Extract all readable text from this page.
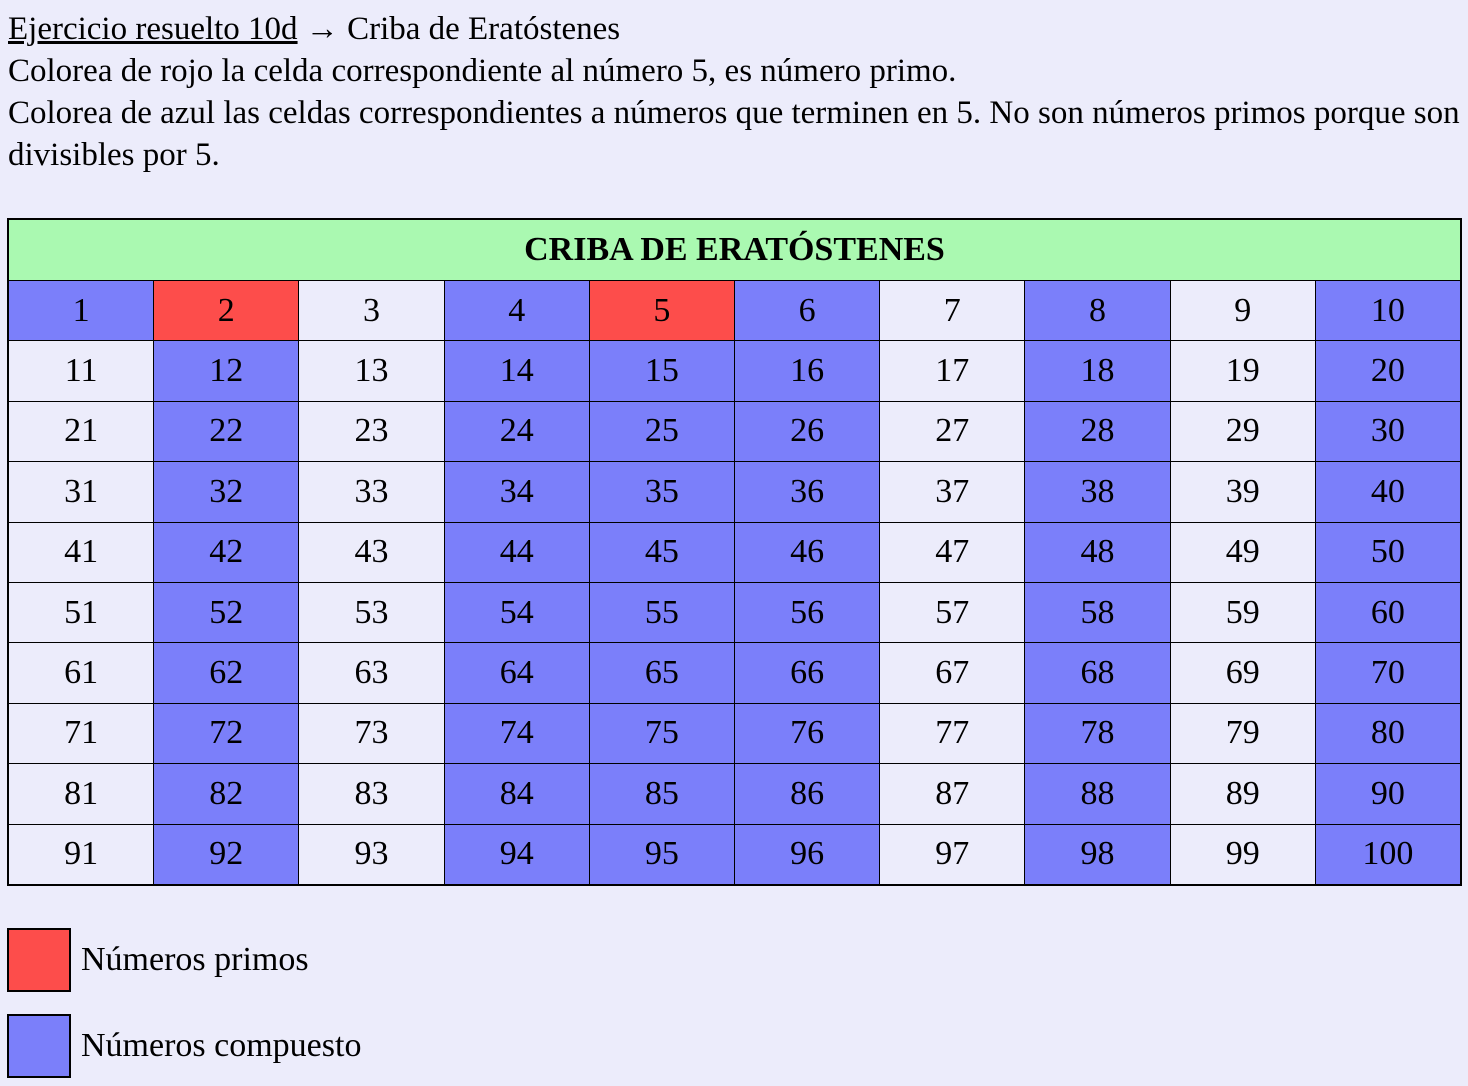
Ejercicio resuelto 10d → Criba de Eratóstenes
Colorea de rojo la celda correspondiente al número 5, es número primo.
Colorea de azul las celdas correspondientes a números que terminen en 5. No son números primos porque son divisibles por 5.
CRIBA DE ERATÓSTENES
1	2	3	4	5	6	7	8	9	10
11	12	13	14	15	16	17	18	19	20
21	22	23	24	25	26	27	28	29	30
31	32	33	34	35	36	37	38	39	40
41	42	43	44	45	46	47	48	49	50
51	52	53	54	55	56	57	58	59	60
61	62	63	64	65	66	67	68	69	70
71	72	73	74	75	76	77	78	79	80
81	82	83	84	85	86	87	88	89	90
91	92	93	94	95	96	97	98	99	100
Números primos
Números compuesto
